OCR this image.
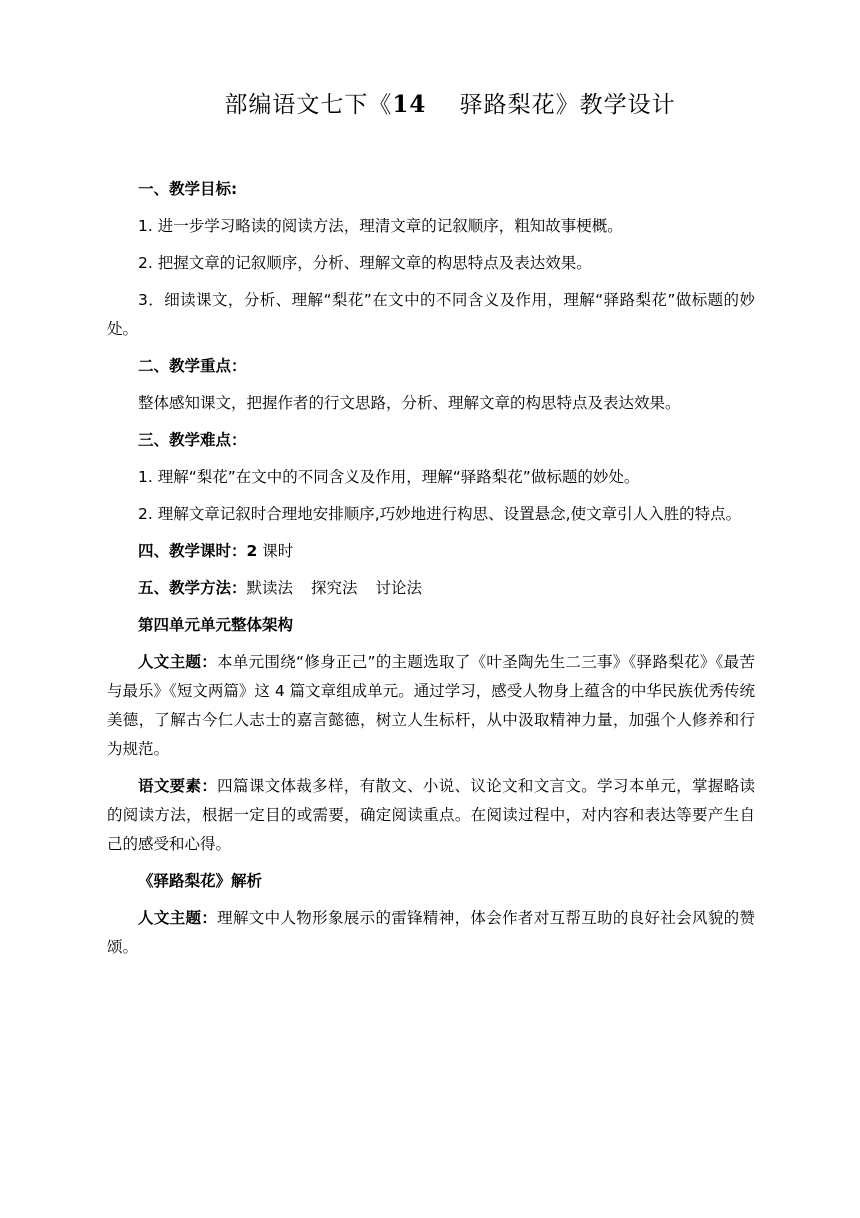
部编语文七下《14 驿路梨花》教学设计

一、教学目标:

1. 进一步学习略读的阅读方法，理清文章的记叙顺序，粗知故事梗概。

2. 把握文章的记叙顺序，分析、理解文章的构思特点及表达效果。

3．细读课文，分析、理解“梨花”在文中的不同含义及作用，理解“驿路梨花”做标题的妙处。

二、教学重点：

整体感知课文，把握作者的行文思路，分析、理解文章的构思特点及表达效果。

三、教学难点：

1. 理解“梨花”在文中的不同含义及作用，理解“驿路梨花”做标题的妙处。

2. 理解文章记叙时合理地安排顺序,巧妙地进行构思、设置悬念,使文章引人入胜的特点。

四、教学课时：2 课时

五、教学方法：默读法 探究法 讨论法

第四单元单元整体架构

人文主题：本单元围绕“修身正己”的主题选取了《叶圣陶先生二三事》《驿路梨花》《最苦与最乐》《短文两篇》这 4 篇文章组成单元。通过学习，感受人物身上蕴含的中华民族优秀传统美德，了解古今仁人志士的嘉言懿德，树立人生标杆，从中汲取精神力量，加强个人修养和行为规范。

语文要素：四篇课文体裁多样，有散文、小说、议论文和文言文。学习本单元，掌握略读的阅读方法，根据一定目的或需要，确定阅读重点。在阅读过程中，对内容和表达等要产生自己的感受和心得。

《驿路梨花》解析

人文主题：理解文中人物形象展示的雷锋精神，体会作者对互帮互助的良好社会风貌的赞颂。
